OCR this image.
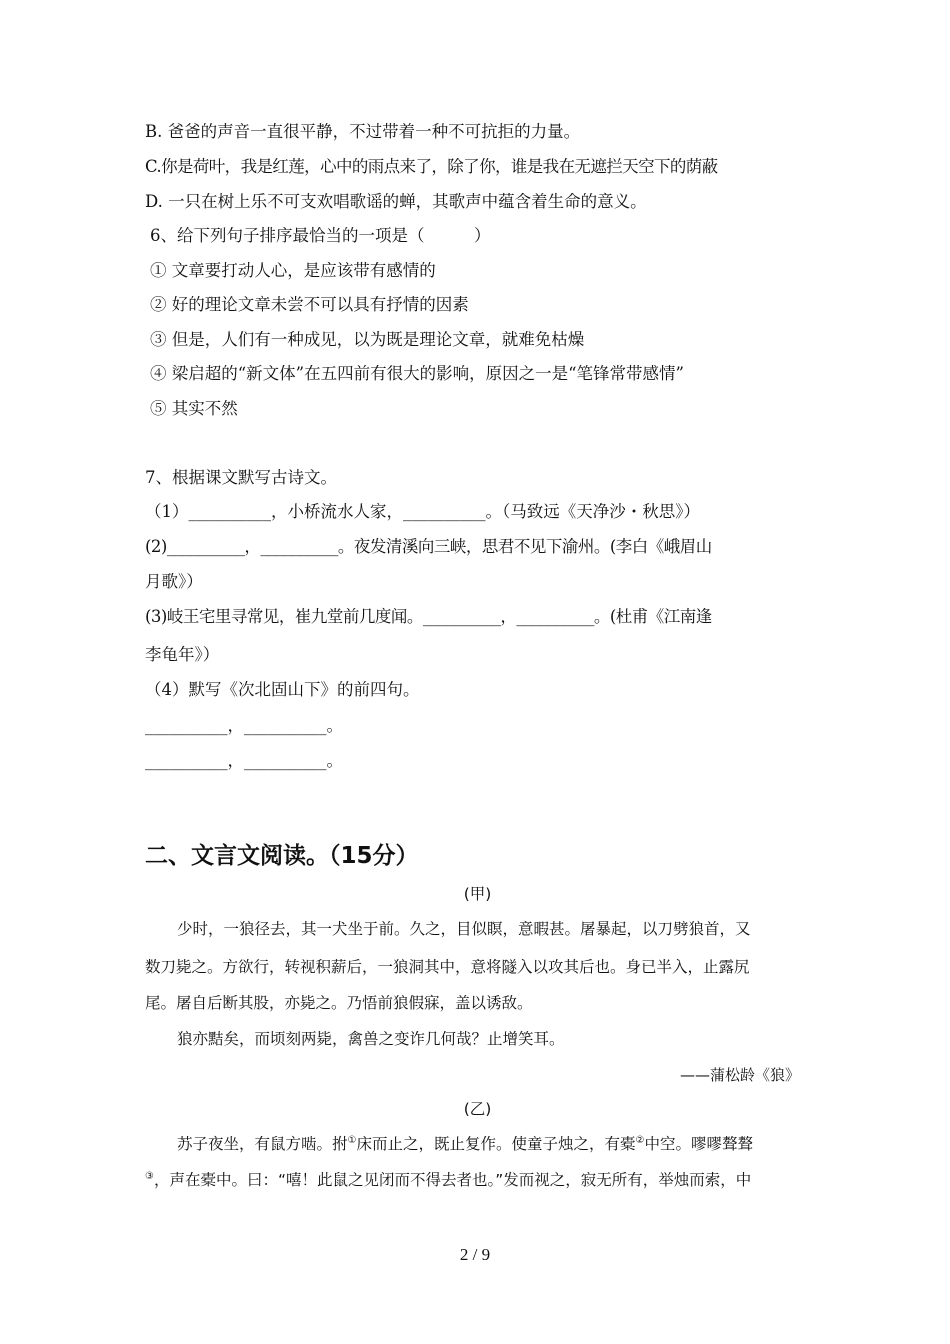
B. 爸爸的声音一直很平静，不过带着一种不可抗拒的力量。
C.你是荷叶，我是红莲，心中的雨点来了，除了你，谁是我在无遮拦天空下的荫蔽
D. 一只在树上乐不可支欢唱歌谣的蝉，其歌声中蕴含着生命的意义。
6、给下列句子排序最恰当的一项是（　　　）
① 文章要打动人心，是应该带有感情的
② 好的理论文章未尝不可以具有抒情的因素
③ 但是，人们有一种成见，以为既是理论文章，就难免枯燥
④ 梁启超的“新文体”在五四前有很大的影响，原因之一是“笔锋常带感情”
⑤ 其实不然
7、根据课文默写古诗文。
（1）__________，小桥流水人家，__________。（马致远《天净沙・秋思》）
(2)__________，__________。夜发清溪向三峡，思君不见下渝州。(李白《峨眉山
月歌》）
(3)岐王宅里寻常见，崔九堂前几度闻。__________，__________。(杜甫《江南逢
李龟年》）
（4）默写《次北固山下》的前四句。
__________，__________。
__________，__________。
二、文言文阅读。（15分）
(甲)
少时，一狼径去，其一犬坐于前。久之，目似瞑，意暇甚。屠暴起，以刀劈狼首，又
数刀毙之。方欲行，转视积薪后，一狼洞其中，意将隧入以攻其后也。身已半入，止露尻
尾。屠自后断其股，亦毙之。乃悟前狼假寐，盖以诱敌。
狼亦黠矣，而顷刻两毙，禽兽之变诈几何哉？止增笑耳。
——蒲松龄《狼》
(乙)
苏子夜坐，有鼠方啮。拊①床而止之，既止复作。使童子烛之，有橐②中空。嘐嘐聱聱
③，声在橐中。曰：“嘻！此鼠之见闭而不得去者也。”发而视之，寂无所有，举烛而索，中
2 / 9
